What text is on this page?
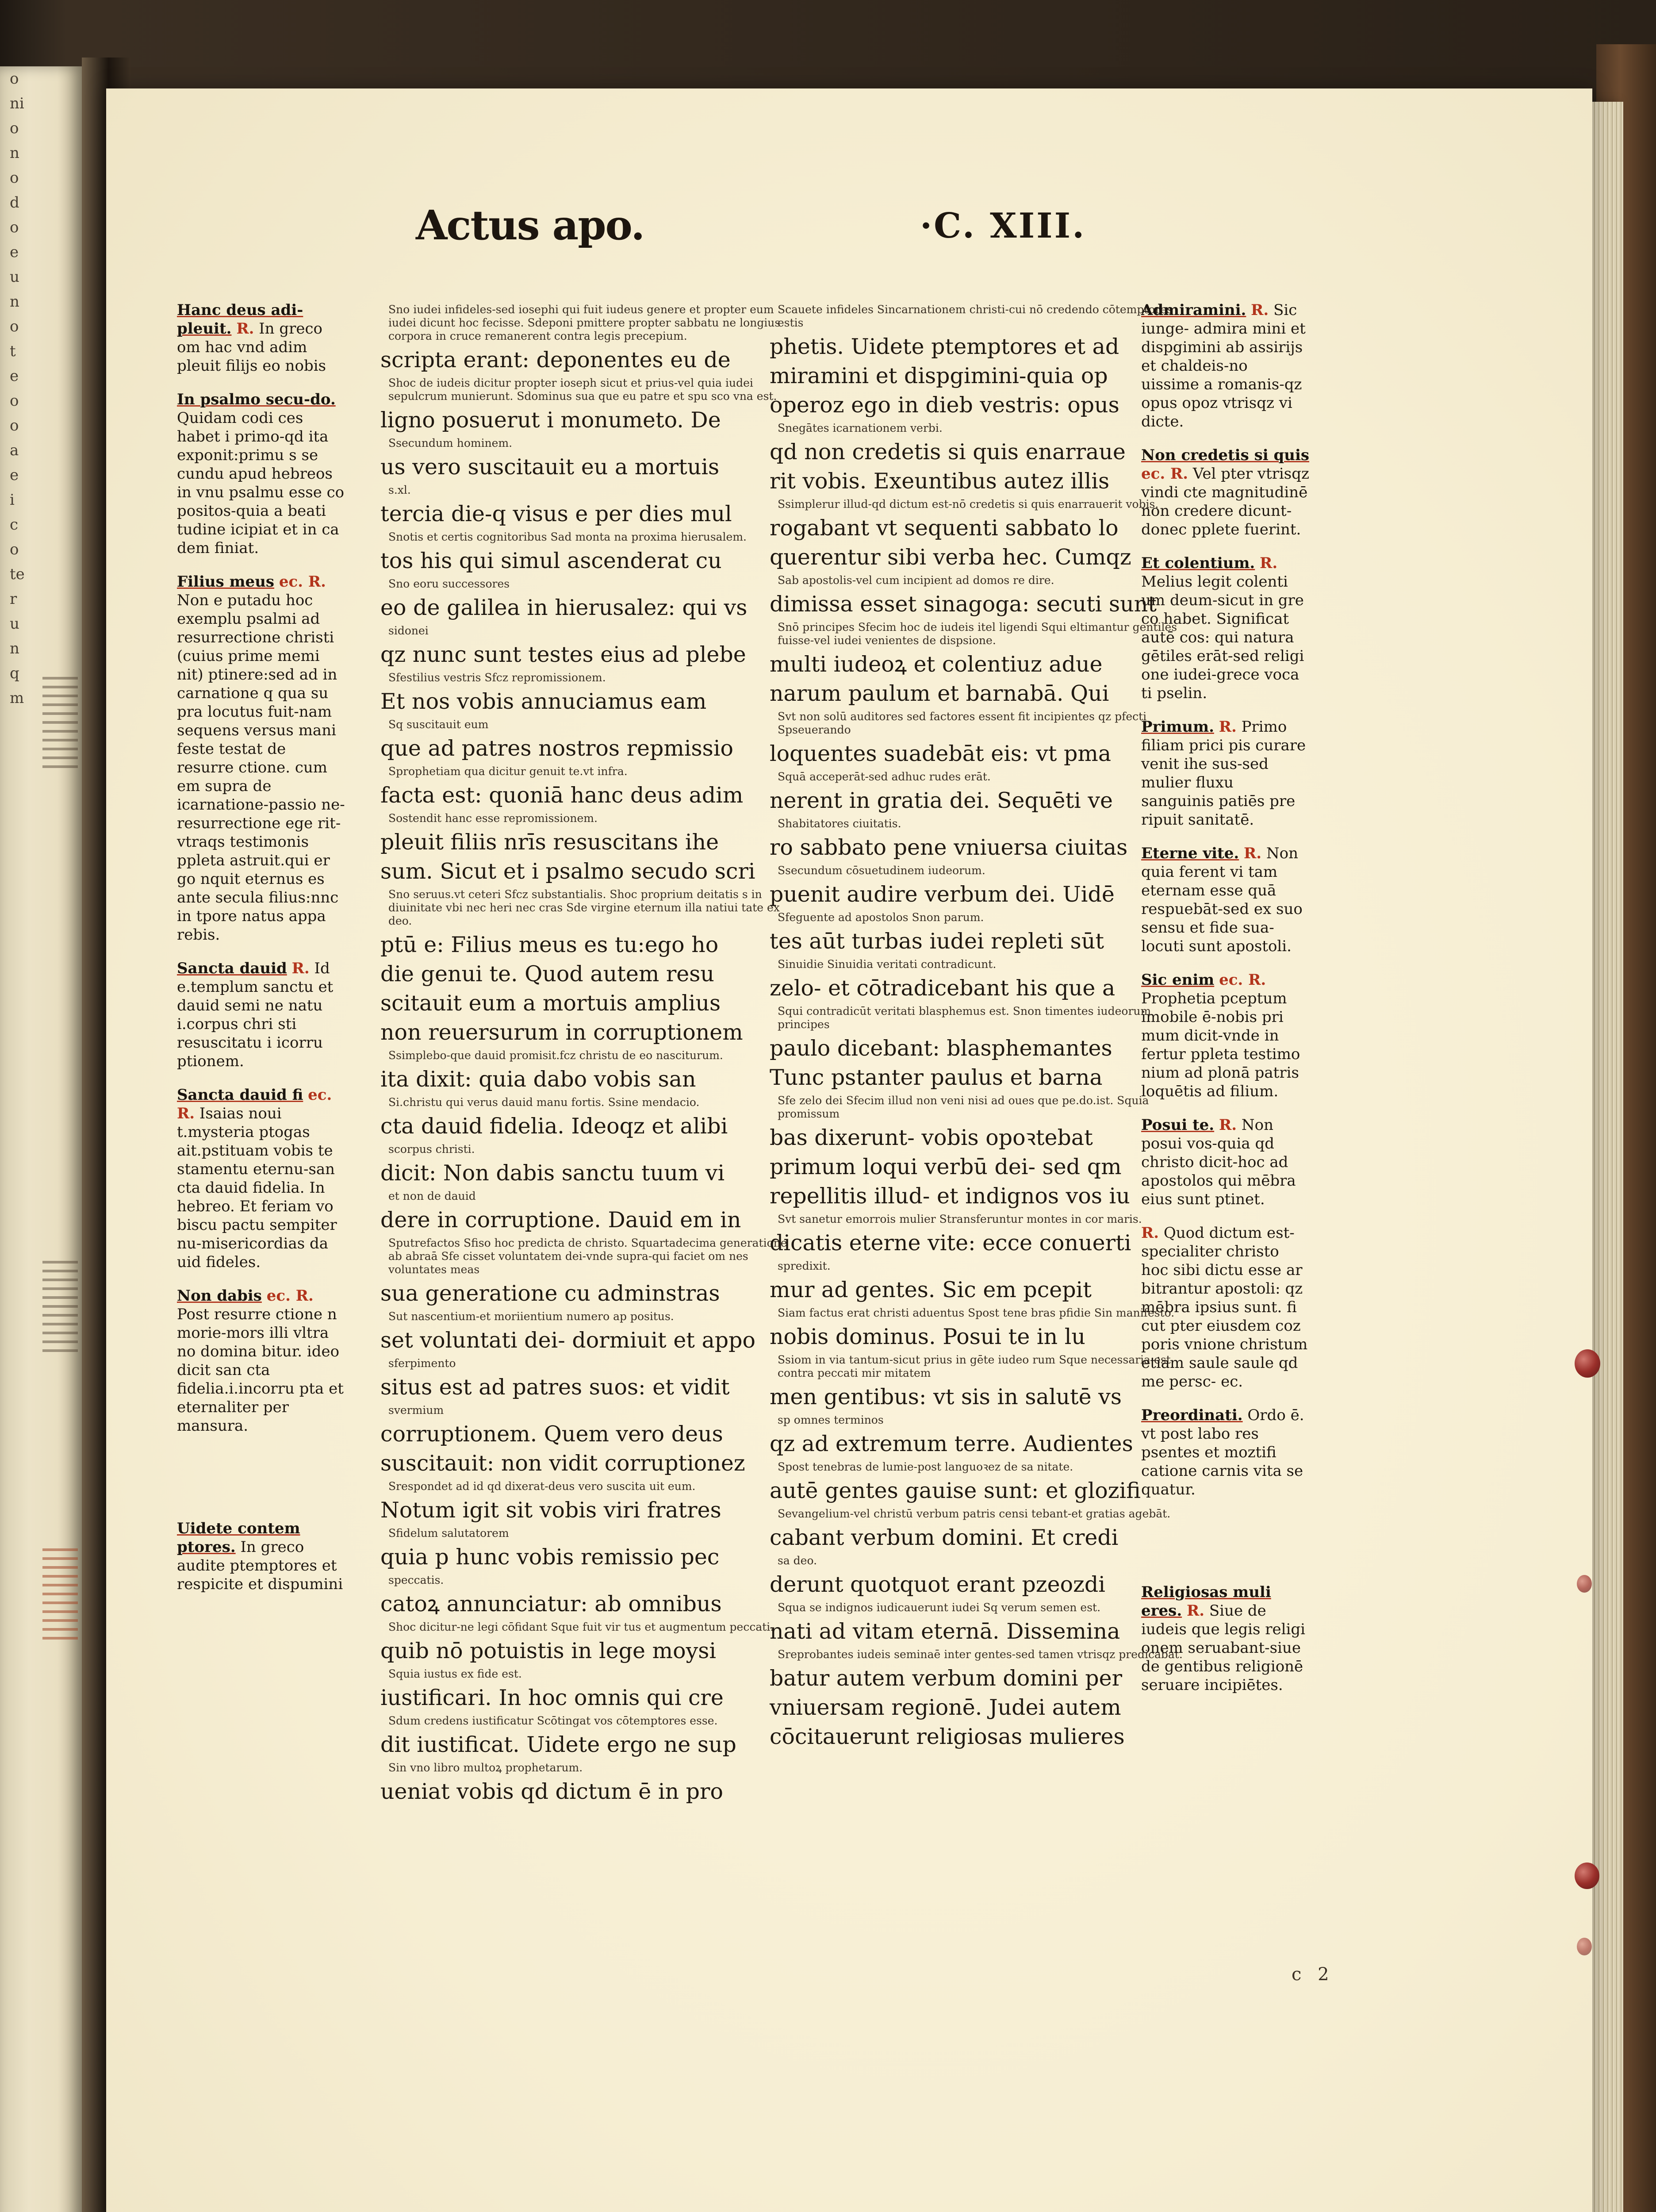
o
ni
o
n
o
d
o
e
u
n
o
t
e
o
o
a
e
i
c
o
te
r
u
n
q
m
Actus apo.	·C. XIII.
Hanc deus adi-pleuit. R. In greco om hac vnd adim pleuit filijs eo nobis
In psalmo secu-do. Quidam codi ces habet i primo-qd ita exponit:primu s se cundu apud hebreos in vnu psalmu esse co positos-quia a beati tudine icipiat et in ca dem finiat.
Filius meus ec. R. Non e putadu hoc exemplu psalmi ad resurrectione christi (cuius prime memi nit) ptinere:sed ad in carnatione q qua su pra locutus fuit-nam sequens versus mani feste testat de resurre ctione. cum em supra de icarnatione-passio ne-resurrectione ege rit-vtraqs testimonis ppleta astruit.qui er go nquit eternus es ante secula filius:nnc in tpore natus appa rebis.
Sancta dauid R. Id e.templum sanctu et dauid semi ne natu i.corpus chri sti resuscitatu i icorru ptionem.
Sancta dauid fi ec. R. Isaias noui t.mysteria ptogas ait.pstituam vobis te stamentu eternu-san cta dauid fidelia. In hebreo. Et feriam vo biscu pactu sempiter nu-misericordias da uid fideles.
Non dabis ec. R. Post resurre ctione n morie-mors illi vltra no domina bitur. ideo dicit san cta fidelia.i.incorru pta et eternaliter per mansura.
Uidete contem ptores. In greco audite ptemptores et respicite et dispumini
Sno iudei infideles-sed iosephi qui fuit iudeus genere et propter eum iudei dicunt hoc fecisse. Sdeponi pmittere propter sabbatu ne longius corpora in cruce remanerent contra legis precepium.
scripta erant: deponentes eu de
Shoc de iudeis dicitur propter ioseph sicut et prius-vel quia iudei sepulcrum munierunt. Sdominus sua que eu patre et spu sco vna est.
ligno posuerut i monumeto. De
Ssecundum hominem.
us vero suscitauit eu a mortuis
s.xl.
tercia die-q visus e per dies mul
Snotis et certis cognitoribus Sad monta na proxima hierusalem.
tos his qui simul ascenderat cu
Sno eoru successores
eo de galilea in hierusalez: qui vs
sidonei
qz nunc sunt testes eius ad plebe
Sfestilius vestris Sfcz repromissionem.
Et nos vobis annuciamus eam
Sq suscitauit eum
que ad patres nostros repmissio
Sprophetiam qua dicitur genuit te.vt infra.
facta est: quoniā hanc deus adim
Sostendit hanc esse repromissionem.
pleuit filiis nrīs resuscitans ihe
sum. Sicut et i psalmo secudo scri
Sno seruus.vt ceteri Sfcz substantialis. Shoc proprium deitatis s in diuinitate vbi nec heri nec cras Sde virgine eternum illa natiui tate ex deo.
ptū e: Filius meus es tu:ego ho
die genui te. Quod autem resu
scitauit eum a mortuis amplius
non reuersurum in corruptionem
Ssimplebo-que dauid promisit.fcz christu de eo nasciturum.
ita dixit: quia dabo vobis san
Si.christu qui verus dauid manu fortis. Ssine mendacio.
cta dauid fidelia. Ideoqz et alibi
scorpus christi.
dicit: Non dabis sanctu tuum vi
et non de dauid
dere in corruptione. Dauid em in
Sputrefactos Sfiso hoc predicta de christo. Squartadecima generatione ab abraā Sfe cisset voluntatem dei-vnde supra-qui faciet om nes voluntates meas
sua generatione cu adminstras
Sut nascentium-et moriientium numero ap positus.
set voluntati dei- dormiuit et appo
sferpimento
situs est ad patres suos: et vidit
svermium
corruptionem. Quem vero deus
suscitauit: non vidit corruptionez
Srespondet ad id qd dixerat-deus vero suscita uit eum.
Notum igit sit vobis viri fratres
Sfidelum salutatorem
quia p hunc vobis remissio pec
speccatis.
catoꝝ annunciatur: ab omnibus
Shoc dicitur-ne legi cōfidant Sque fuit vir tus et augmentum peccati.
quib nō potuistis in lege moysi
Squia iustus ex fide est.
iustificari. In hoc omnis qui cre
Sdum credens iustificatur Scōtingat vos cōtemptores esse.
dit iustificat. Uidete ergo ne sup
Sin vno libro multoꝝ prophetarum.
ueniat vobis qd dictum ē in pro
Scauete infideles Sincarnationem christi-cui nō credendo cōtemptores estis
phetis. Uidete ptemptores et ad
miramini et dispgimini-quia op
operoz ego in dieb vestris: opus
Snegātes icarnationem verbi.
qd non credetis si quis enarraue
rit vobis. Exeuntibus autez illis
Ssimplerur illud-qd dictum est-nō credetis si quis enarrauerit vobis.
rogabant vt sequenti sabbato lo
querentur sibi verba hec. Cumqz
Sab apostolis-vel cum incipient ad domos re dire.
dimissa esset sinagoga: secuti sunt
Snō principes Sfecim hoc de iudeis itel ligendi Squi eltimantur gentiles fuisse-vel iudei venientes de dispsione.
multi iudeoꝝ et colentiuz adue
narum paulum et barnabā. Qui
Svt non solū auditores sed factores essent fit incipientes qz pfecti Spseuerando
loquentes suadebāt eis: vt pma
Squā acceperāt-sed adhuc rudes erāt.
nerent in gratia dei. Sequēti ve
Shabitatores ciuitatis.
ro sabbato pene vniuersa ciuitas
Ssecundum cōsuetudinem iudeorum.
puenit audire verbum dei. Uidē
Sfeguente ad apostolos Snon parum.
tes aūt turbas iudei repleti sūt
Sinuidie Sinuidia veritati contradicunt.
zelo- et cōtradicebant his que a
Squi contradicūt veritati blasphemus est. Snon timentes iudeorum principes
paulo dicebant: blasphemantes
Tunc pstanter paulus et barna
Sfe zelo dei Sfecim illud non veni nisi ad oues que pe.do.ist. Squia promissum
bas dixerunt- vobis opoꝛtebat
primum loqui verbū dei- sed qm
repellitis illud- et indignos vos iu
Svt sanetur emorrois mulier Stransferuntur montes in cor maris.
dicatis eterne vite: ecce conuerti
spredixit.
mur ad gentes. Sic em pcepit
Siam factus erat christi aduentus Spost tene bras pfidie Sin manifesto.
nobis dominus. Posui te in lu
Ssiom in via tantum-sicut prius in gēte iudeo rum Sque necessaria est contra peccati mir mitatem
men gentibus: vt sis in salutē vs
sp omnes terminos
qz ad extremum terre. Audientes
Spost tenebras de lumie-post languoꝛez de sa nitate.
autē gentes gauise sunt: et glozifi
Sevangelium-vel christū verbum patris censi tebant-et gratias agebāt.
cabant verbum domini. Et credi
sa deo.
derunt quotquot erant pzeozdi
Squa se indignos iudicauerunt iudei Sq verum semen est.
nati ad vitam eternā. Dissemina
Sreprobantes iudeis seminaē inter gentes-sed tamen vtrisqz predicabat.
batur autem verbum domini per
vniuersam regionē. Judei autem
cōcitauerunt religiosas mulieres
Admiramini. R. Sic iunge- admira mini et dispgimini ab assirijs et chaldeis-no uissime a romanis-qz opus opoz vtrisqz vi dicte.
Non credetis si quis ec. R. Vel pter vtrisqz vindi cte magnitudinē non credere dicunt-donec pplete fuerint.
Et colentium. R. Melius legit colenti um deum-sicut in gre co habet. Significat autē cos: qui natura gētiles erāt-sed religi one iudei-grece voca ti pselin.
Primum. R. Primo filiam prici pis curare venit ihe sus-sed mulier fluxu sanguinis patiēs pre ripuit sanitatē.
Eterne vite. R. Non quia ferent vi tam eternam esse quā respuebāt-sed ex suo sensu et fide sua-locuti sunt apostoli.
Sic enim ec. R. Prophetia pceptum imobile ē-nobis pri mum dicit-vnde in fertur ppleta testimo nium ad plonā patris loquētis ad filium.
Posui te. R. Non posui vos-quia qd christo dicit-hoc ad apostolos qui mēbra eius sunt ptinet.
R. Quod dictum est-specialiter christo hoc sibi dictu esse ar bitrantur apostoli: qz mēbra ipsius sunt. fi cut pter eiusdem coz poris vnione christum etiam saule saule qd me persc- ec.
Preordinati. Ordo ē. vt post labo res psentes et moztifi catione carnis vita se quatur.
Religiosas muli eres. R. Siue de iudeis que legis religi onem seruabant-siue de gentibus religionē seruare incipiētes.
c 2
